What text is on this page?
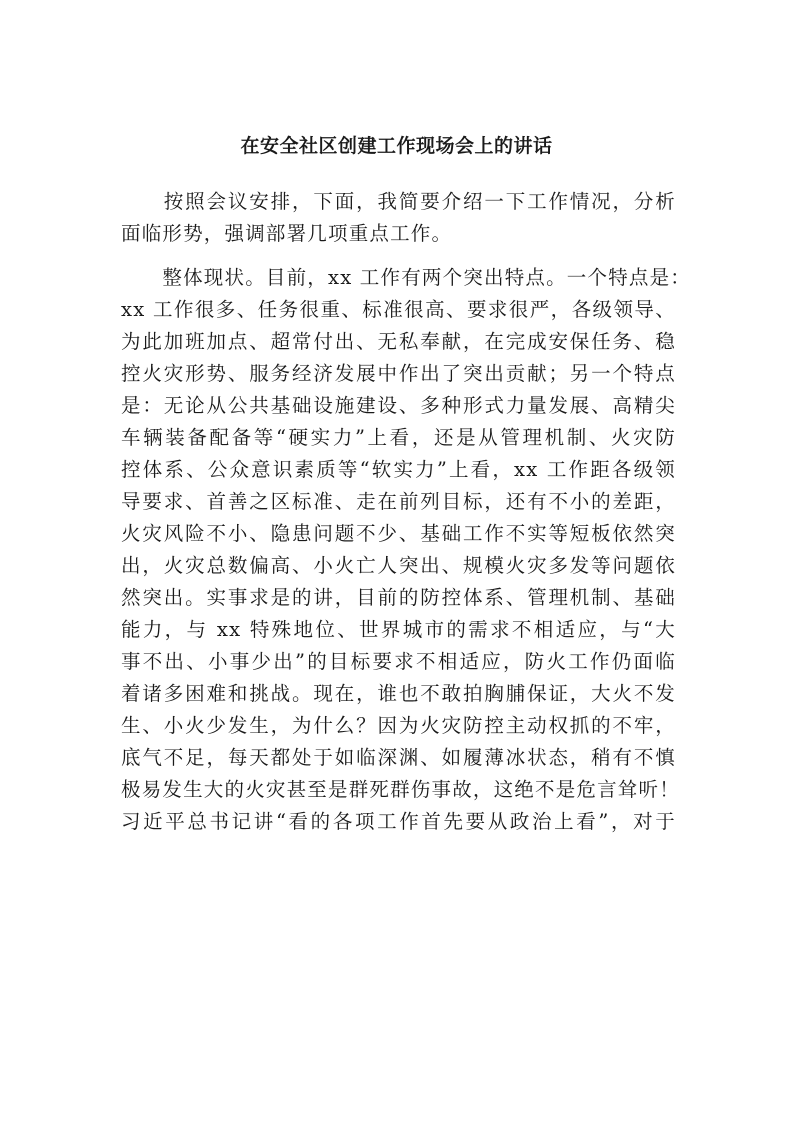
在安全社区创建工作现场会上的讲话
　　按照会议安排，下面，我简要介绍一下工作情况，分析
面临形势，强调部署几项重点工作。
　　整体现状。目前，xx 工作有两个突出特点。一个特点是：
xx 工作很多、任务很重、标准很高、要求很严，各级领导、
为此加班加点、超常付出、无私奉献，在完成安保任务、稳
控火灾形势、服务经济发展中作出了突出贡献；另一个特点
是：无论从公共基础设施建设、多种形式力量发展、高精尖
车辆装备配备等“硬实力”上看，还是从管理机制、火灾防
控体系、公众意识素质等“软实力”上看，xx 工作距各级领
导要求、首善之区标准、走在前列目标，还有不小的差距，
火灾风险不小、隐患问题不少、基础工作不实等短板依然突
出，火灾总数偏高、小火亡人突出、规模火灾多发等问题依
然突出。实事求是的讲，目前的防控体系、管理机制、基础
能力，与 xx 特殊地位、世界城市的需求不相适应，与“大
事不出、小事少出”的目标要求不相适应，防火工作仍面临
着诸多困难和挑战。现在，谁也不敢拍胸脯保证，大火不发
生、小火少发生，为什么？因为火灾防控主动权抓的不牢，
底气不足，每天都处于如临深渊、如履薄冰状态，稍有不慎
极易发生大的火灾甚至是群死群伤事故，这绝不是危言耸听！
习近平总书记讲“看的各项工作首先要从政治上看”，对于
